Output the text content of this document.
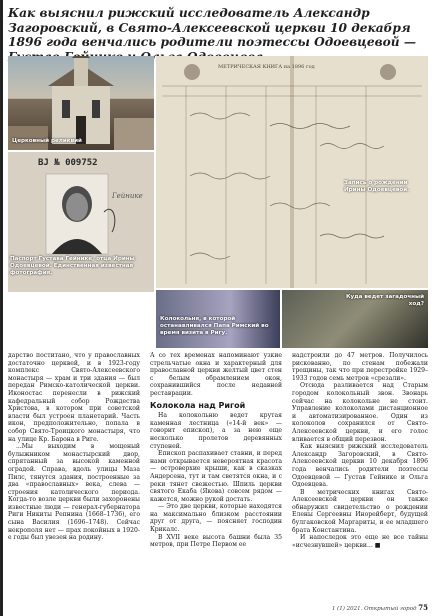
Как выяснил рижский исследователь Александр Загоровский, в Свято-Алексеевской церкви 10 декабря 1896 года венчались родители поэтессы Одоевцевой —
Церковный реликвий
BJ № 009752
Гейнике
Паспорт Густава Гейнике, отца Ирины Одоевцевой. Единственная известная фотография.
МЕТРИЧЕСКАЯ КНИГА на 1896 год
Запись о рождении Ирины Одоевцевой.
Колокольня, в которой останавливался Папа Римский во время визита в Ригу.
Куда ведет загадочный ход?

дарство поститано, что у православных достаточно церквей, и в 1923-году комплекс Свято-Алексеевского монастыря — храм и три здания — был передан Римско-католической церкви. Иконостас перенесли в рижский кафедральный собор Рождества Христова, в котором при советской власти был устроен планетарий. Часть икон, предположительно, попала в собор Свято-Троицкого монастыря, что на улице Кр. Барона в Риге.

...Мы выходим в мощеный булыжником монастырский двор, спрятанный за высокой каменной оградой. Справа, вдоль улицы Маза Пилс, тянутся здания, построенные за два «православных» века, слева — строения католического периода. Когда-то возле церкви были захоронены известные люди — генерал-губернатора Риги Никиты Репнина (1668–1736), его сына Василия (1696–1748). Сейчас некрополя нет — прах покойных в 1920-е годы был увезен на родину.

А со тех временах напоминают узкие стрельчатые окна и характерный для православной церкви желтый цвет стен с белым обрамлением окон, сохранившийся после недавней реставрации.

Колокола над Ригой

На колокольню ведет крутая каменная лестница («14-й век» — говорит епископ), а за нею еще несколько пролетов деревянных ступеней.

Епископ распахивает ставни, и перед нами открывается невероятная красота — островерхие крыши, как в сказках Андерсена, тут и там светятся окна, и с реки тянет свежестью. Шпиль церкви святого Екаба (Якова) совсем рядом — кажется, можно рукой достать.

— Это две церкви, которые находятся на максимально близком расстоянии друг от друга, — поясняет господин Крикалс.

В XVII веке высота башни была 35 метров, при Петре Первом ее

надстроили до 47 метров. Получилось рискованно, по стенам побежали трещины, так что при перестройке 1929–1933 годов семь метров «срезали».

Отсюда разливается над Старым городом колокольный звон. Звонарь сейчас на колокольне не стоит. Управление колоколами дистанционное и автоматизированное. Один из колоколов сохранился от Свято-Алексеевской церкви, и его голос вливается в общий перезвон.

Как выяснил рижский исследователь Александр Загоровский, в Свято-Алексеевской церкви 10 декабря 1896 года венчались родители поэтессы Одоевцевой — Густав Гейнике и Ольга Одоевцева.

В метрических книгах Свято-Алексеевской церкви он также обнаружил свидетельство о рождении Елены Сергеевны Инорейберт, будущей булгаковской Маргариты, и ее младшего брата Константина.

И напоследок это еще не все тайны «исчезнувшей» церкви... ■

1 (1) 2021. Открытый город 75
